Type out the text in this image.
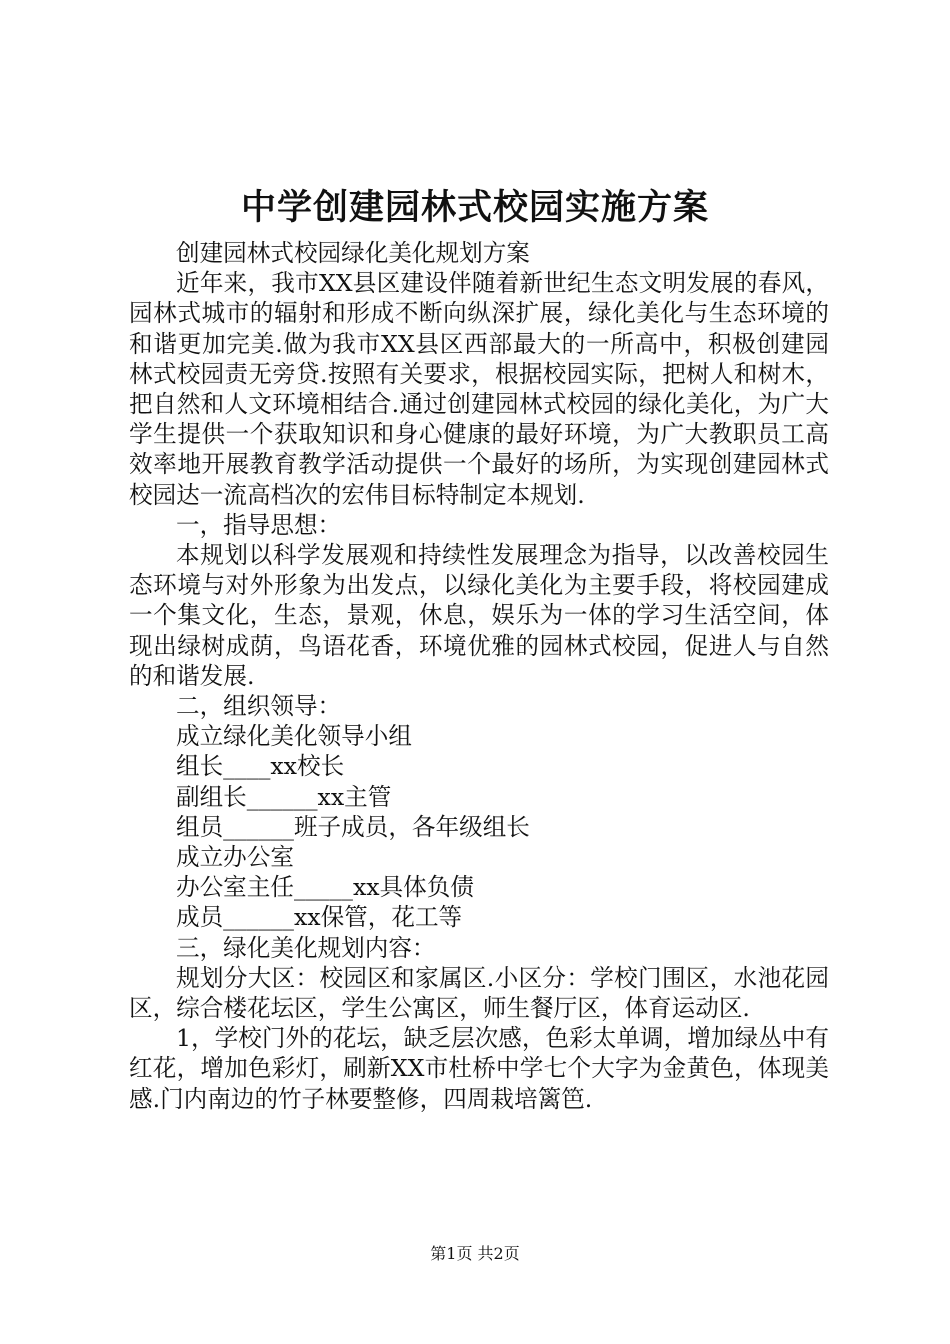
中学创建园林式校园实施方案

创建园林式校园绿化美化规划方案

近年来，我市XX县区建设伴随着新世纪生态文明发展的春风，园林式城市的辐射和形成不断向纵深扩展，绿化美化与生态环境的和谐更加完美.做为我市XX县区西部最大的一所高中，积极创建园林式校园责无旁贷.按照有关要求，根据校园实际，把树人和树木，把自然和人文环境相结合.通过创建园林式校园的绿化美化，为广大学生提供一个获取知识和身心健康的最好环境，为广大教职员工高效率地开展教育教学活动提供一个最好的场所，为实现创建园林式校园达一流高档次的宏伟目标特制定本规划.

一，指导思想：

本规划以科学发展观和持续性发展理念为指导，以改善校园生态环境与对外形象为出发点，以绿化美化为主要手段，将校园建成一个集文化，生态，景观，休息，娱乐为一体的学习生活空间，体现出绿树成荫，鸟语花香，环境优雅的园林式校园，促进人与自然的和谐发展.

二，组织领导：

成立绿化美化领导小组

组长____xx校长

副组长______xx主管

组员______班子成员，各年级组长

成立办公室

办公室主任_____xx具体负债

成员______xx保管，花工等

三，绿化美化规划内容：

规划分大区：校园区和家属区.小区分：学校门围区，水池花园区，综合楼花坛区，学生公寓区，师生餐厅区，体育运动区.

1，学校门外的花坛，缺乏层次感，色彩太单调，增加绿丛中有红花，增加色彩灯，刷新XX市杜桥中学七个大字为金黄色，体现美感.门内南边的竹子林要整修，四周栽培篱笆.

第1页 共2页
